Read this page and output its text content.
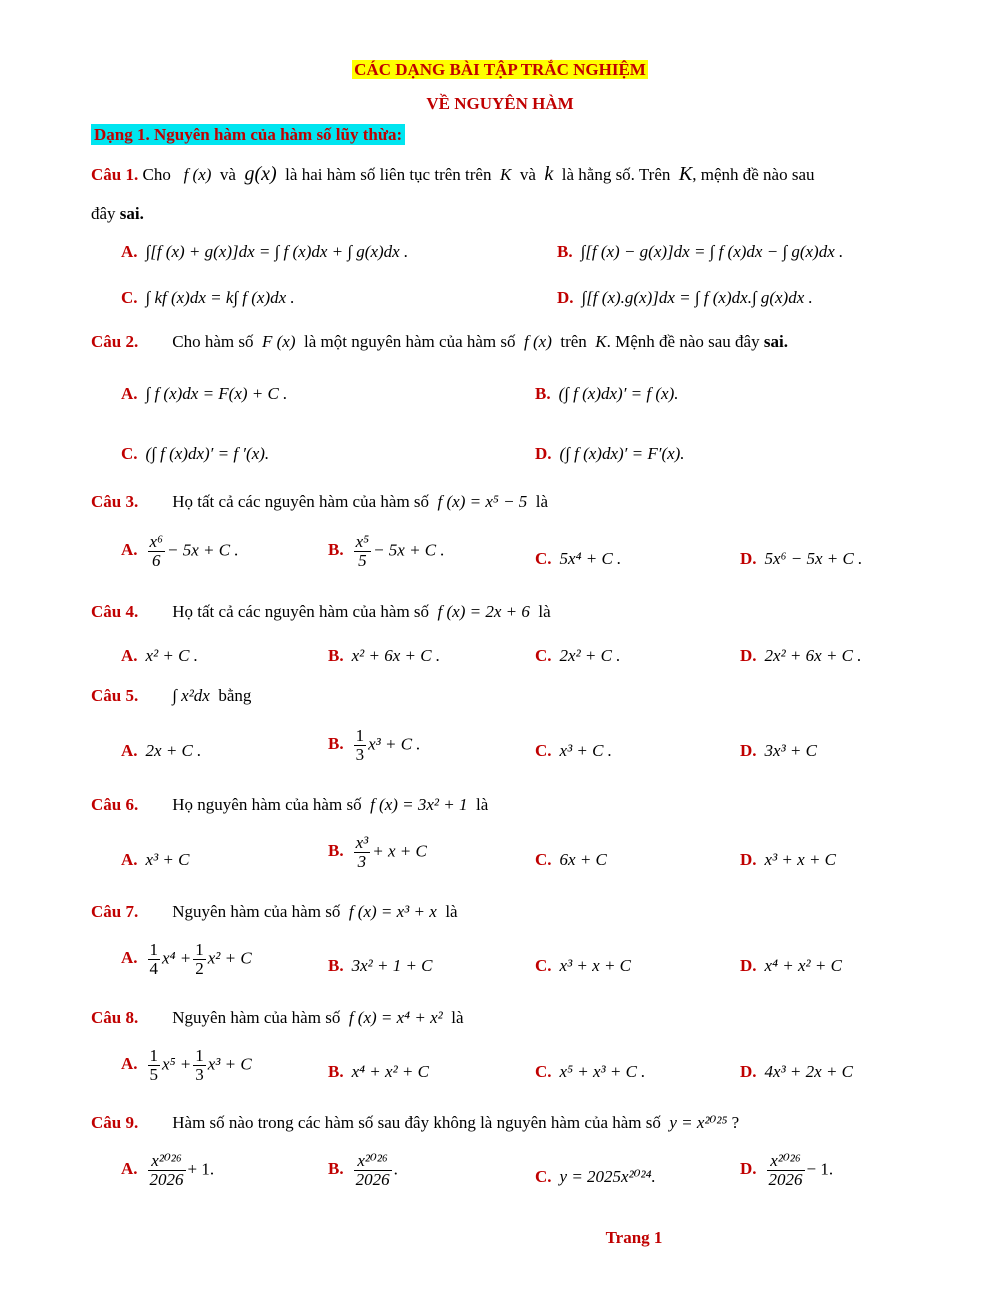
CÁC DẠNG BÀI TẬP TRẮC NGHIỆM
VỀ NGUYÊN HÀM
Dạng 1. Nguyên hàm của hàm số lũy thừa:
Câu 1. Cho f (x) và g(x) là hai hàm số liên tục trên trên K và k là hằng số. Trên K, mệnh đề nào sau
đây sai.
A. ∫[f (x) + g(x)]dx = ∫ f (x)dx + ∫ g(x)dx .	B. ∫[f (x) − g(x)]dx = ∫ f (x)dx − ∫ g(x)dx .
C. ∫ kf (x)dx = k∫ f (x)dx .	D. ∫[f (x).g(x)]dx = ∫ f (x)dx.∫ g(x)dx .
Câu 2. Cho hàm số F (x) là một nguyên hàm của hàm số f (x) trên K. Mệnh đề nào sau đây sai.
A. ∫ f (x)dx = F(x) + C .	B. (∫ f (x)dx)′ = f (x).
C. (∫ f (x)dx)′ = f ′(x).	D. (∫ f (x)dx)′ = F′(x).
Câu 3. Họ tất cả các nguyên hàm của hàm số f (x) = x⁵ − 5 là
A. $\frac{\text{x⁶}}{6} - 5x + C$ .	B. $\frac{\text{x⁵}}{5} - 5x + C$ .	C. 5x⁴ + C .	D. 5x⁶ − 5x + C .
Câu 4. Họ tất cả các nguyên hàm của hàm số f (x) = 2x + 6 là
A. x² + C .	B. x² + 6x + C .	C. 2x² + C .	D. 2x² + 6x + C .
Câu 5. ∫ x²dx bằng
A. 2x + C .	B. $\frac{1}{3} x^3 + C$ .	C. x³ + C .	D. 3x³ + C
Câu 6. Họ nguyên hàm của hàm số f (x) = 3x² + 1 là
A. x³ + C	B. $\frac{\text{x³}}{3} + x + C$	C. 6x + C	D. x³ + x + C
Câu 7. Nguyên hàm của hàm số f (x) = x³ + x là
A. $\frac{1}{4} x^4 + \frac{1}{2} x^2 + C$	B. 3x² + 1 + C	C. x³ + x + C	D. x⁴ + x² + C
Câu 8. Nguyên hàm của hàm số f (x) = x⁴ + x² là
A. $\frac{1}{5} x^5 + \frac{1}{3} x^3 + C$	B. x⁴ + x² + C	C. x⁵ + x³ + C .	D. 4x³ + 2x + C
Câu 9. Hàm số nào trong các hàm số sau đây không là nguyên hàm của hàm số y = x²⁰²⁵ ?
A. $\frac{\text{x²⁰²⁶}}{2026} + 1$.	B. $\frac{\text{x²⁰²⁶}}{2026}$ .	C. y = 2025x²⁰²⁴.	D. $\frac{\text{x²⁰²⁶}}{2026} - 1$.
Trang 1
